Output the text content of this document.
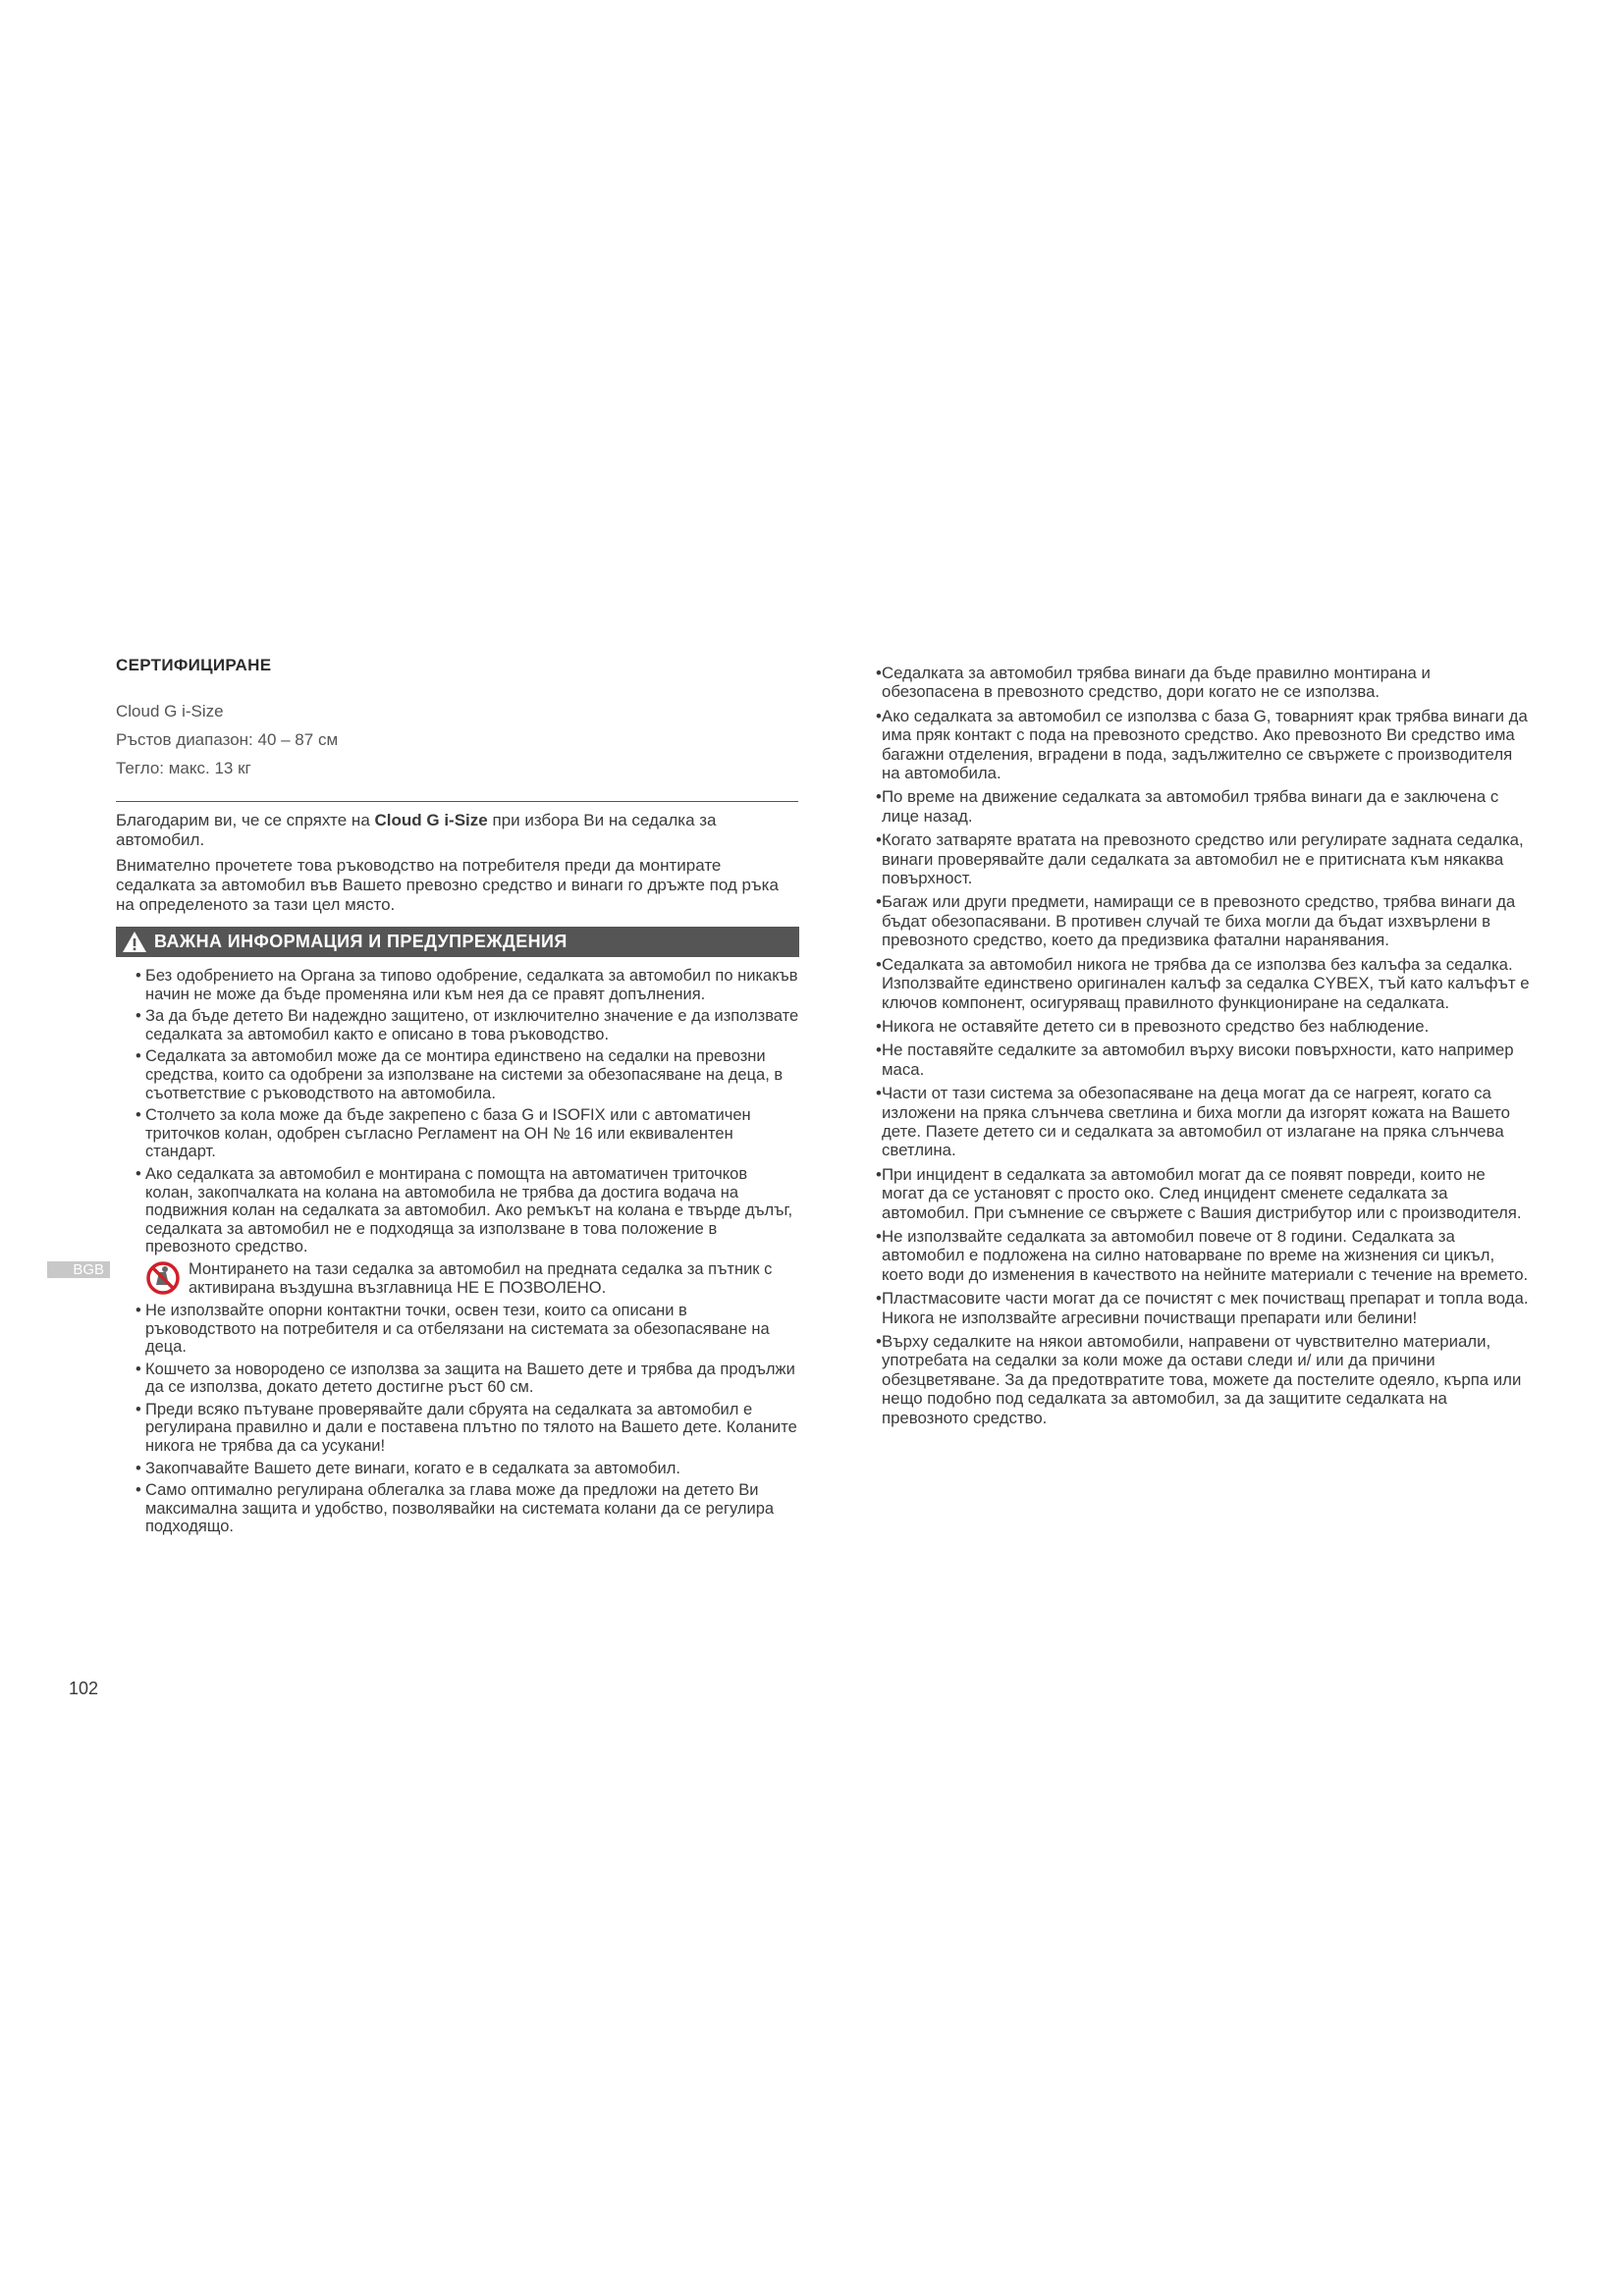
СЕРТИФИЦИРАНЕ

Cloud G i-Size

Ръстов диапазон: 40 – 87 см

Тегло: макс. 13 кг

Благодарим ви, че се спряхте на Cloud G i-Size при избора Ви на седалка за автомобил.

Внимателно прочетете това ръководство на потребителя преди да монтирате седалката за автомобил във Вашето превозно средство и винаги го дръжте под ръка на определеното за тази цел място.

ВАЖНА ИНФОРМАЦИЯ И ПРЕДУПРЕЖДЕНИЯ
• Без одобрението на Органа за типово одобрение, седалката за автомобил по никакъв начин не може да бъде променяна или към нея да се правят допълнения.
• За да бъде детето Ви надеждно защитено, от изключително значение е да използвате седалката за автомобил както е описано в това ръководство.
• Седалката за автомобил може да се монтира единствено на седалки на превозни средства, които са одобрени за използване на системи за обезопасяване на деца, в съответствие с ръководството на автомобила.
• Столчето за кола може да бъде закрепено с база G и ISOFIX или с автоматичен триточков колан, одобрен съгласно Регламент на ОН № 16 или еквивалентен стандарт.
• Ако седалката за автомобил е монтирана с помощта на автоматичен триточков колан, закопчалката на колана на автомобила не трябва да достига водача на подвижния колан на седалката за автомобил. Ако ремъкът на колана е твърде дълъг, седалката за автомобил не е подходяща за използване в това положение в превозното средство.
Монтирането на тази седалка за автомобил на предната седалка за пътник с активирана въздушна възглавница НЕ Е ПОЗВОЛЕНО.
• Не използвайте опорни контактни точки, освен тези, които са описани в ръководството на потребителя и са отбелязани на системата за обезопасяване на деца.
• Кошчето за новородено се използва за защита на Вашето дете и трябва да продължи да се използва, докато детето достигне ръст 60 см.
• Преди всяко пътуване проверявайте дали сбруята на седалката за автомобил е регулирана правилно и дали е поставена плътно по тялото на Вашето дете. Коланите никога не трябва да са усукани!
• Закопчавайте Вашето дете винаги, когато е в седалката за автомобил.
• Само оптимално регулирана облегалка за глава може да предложи на детето Ви максимална защита и удобство, позволявайки на системата колани да се регулира подходящо.
• Седалката за автомобил трябва винаги да бъде правилно монтирана и обезопасена в превозното средство, дори когато не се използва.
• Ако седалката за автомобил се използва с база G, товарният крак трябва винаги да има пряк контакт с пода на превозното средство. Ако превозното Ви средство има багажни отделения, вградени в пода, задължително се свържете с производителя на автомобила.
• По време на движение седалката за автомобил трябва винаги да е заключена с лице назад.
• Когато затваряте вратата на превозното средство или регулирате задната седалка, винаги проверявайте дали седалката за автомобил не е притисната към някаква повърхност.
• Багаж или други предмети, намиращи се в превозното средство, трябва винаги да бъдат обезопасявани. В противен случай те биха могли да бъдат изхвърлени в превозното средство, което да предизвика фатални наранявания.
• Седалката за автомобил никога не трябва да се използва без калъфа за седалка. Използвайте единствено оригинален калъф за седалка CYBEX, тъй като калъфът е ключов компонент, осигуряващ правилното функциониране на седалката.
• Никога не оставяйте детето си в превозното средство без наблюдение.
• Не поставяйте седалките за автомобил върху високи повърхности, като например маса.
• Части от тази система за обезопасяване на деца могат да се нагреят, когато са изложени на пряка слънчева светлина и биха могли да изгорят кожата на Вашето дете. Пазете детето си и седалката за автомобил от излагане на пряка слънчева светлина.
• При инцидент в седалката за автомобил могат да се появят повреди, които не могат да се установят с просто око. След инцидент сменете седалката за автомобил. При съмнение се свържете с Вашия дистрибутор или с производителя.
• Не използвайте седалката за автомобил повече от 8 години. Седалката за автомобил е подложена на силно натоварване по време на жизнения си цикъл, което води до изменения в качеството на нейните материали с течение на времето.
• Пластмасовите части могат да се почистят с мек почистващ препарат и топла вода. Никога не използвайте агресивни почистващи препарати или белини!
• Върху седалките на някои автомобили, направени от чувствително материали, употребата на седалки за коли може да остави следи и/ или да причини обезцветяване. За да предотвратите това, можете да постелите одеяло, кърпа или нещо подобно под седалката за автомобил, за да защитите седалката на превозното средство.
BGB
102
